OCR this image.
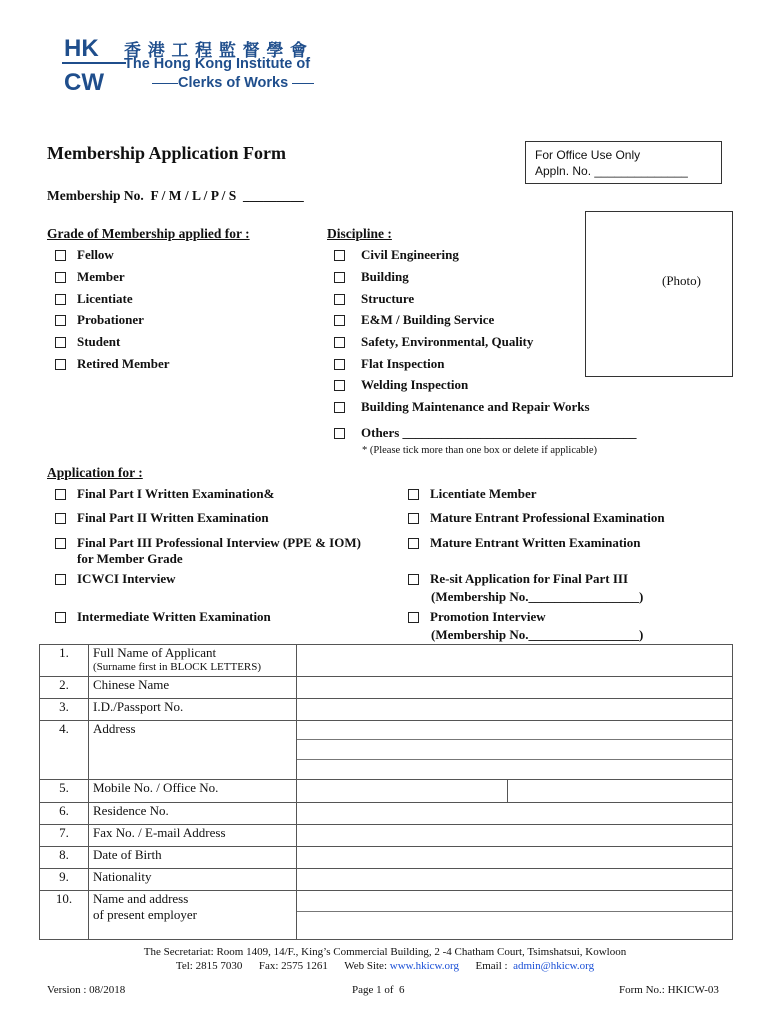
HK
CW
香 港 工 程 監 督 學 會
The Hong Kong Institute of
Clerks of Works
Membership Application Form	For Office Use Only
Appln. No. ______________
Membership No.  F / M / L / P / S  _________
Grade of Membership applied for :
Fellow
Member
Licentiate
Probationer
Student
Retired Member
Discipline :
Civil Engineering
Building
Structure
E&M / Building Service
Safety, Environmental, Quality
Flat Inspection
Welding Inspection
Building Maintenance and Repair Works
Others ____________________________________
* (Please tick more than one box or delete if applicable)
(Photo)
Application for :
Final Part I Written Examination&
Final Part II Written Examination
Final Part III Professional Interview (PPE & IOM)
for Member Grade
ICWCI Interview
Intermediate Written Examination
Licentiate Member
Mature Entrant Professional Examination
Mature Entrant Written Examination
Re-sit Application for Final Part III
(Membership No._________________)
Promotion Interview
(Membership No._________________)
1.	Full Name of Applicant
(Surname first in BLOCK LETTERS)	

2.	Chinese Name	
3.	I.D./Passport No.	
4.	Address	

5.	Mobile No. / Office No.	

6.	Residence No.	
7.	Fax No. / E-mail Address	
8.	Date of Birth	
9.	Nationality	
10.	Name and address
of present employer	

The Secretariat: Room 1409, 14/F., King’s Commercial Building, 2 -4 Chatham Court, Tsimshatsui, Kowloon
Tel: 2815 7030      Fax: 2575 1261      Web Site: www.hkicw.org      Email :  admin@hkicw.org
Version : 08/2018	Page 1 of  6	Form No.: HKICW-03
